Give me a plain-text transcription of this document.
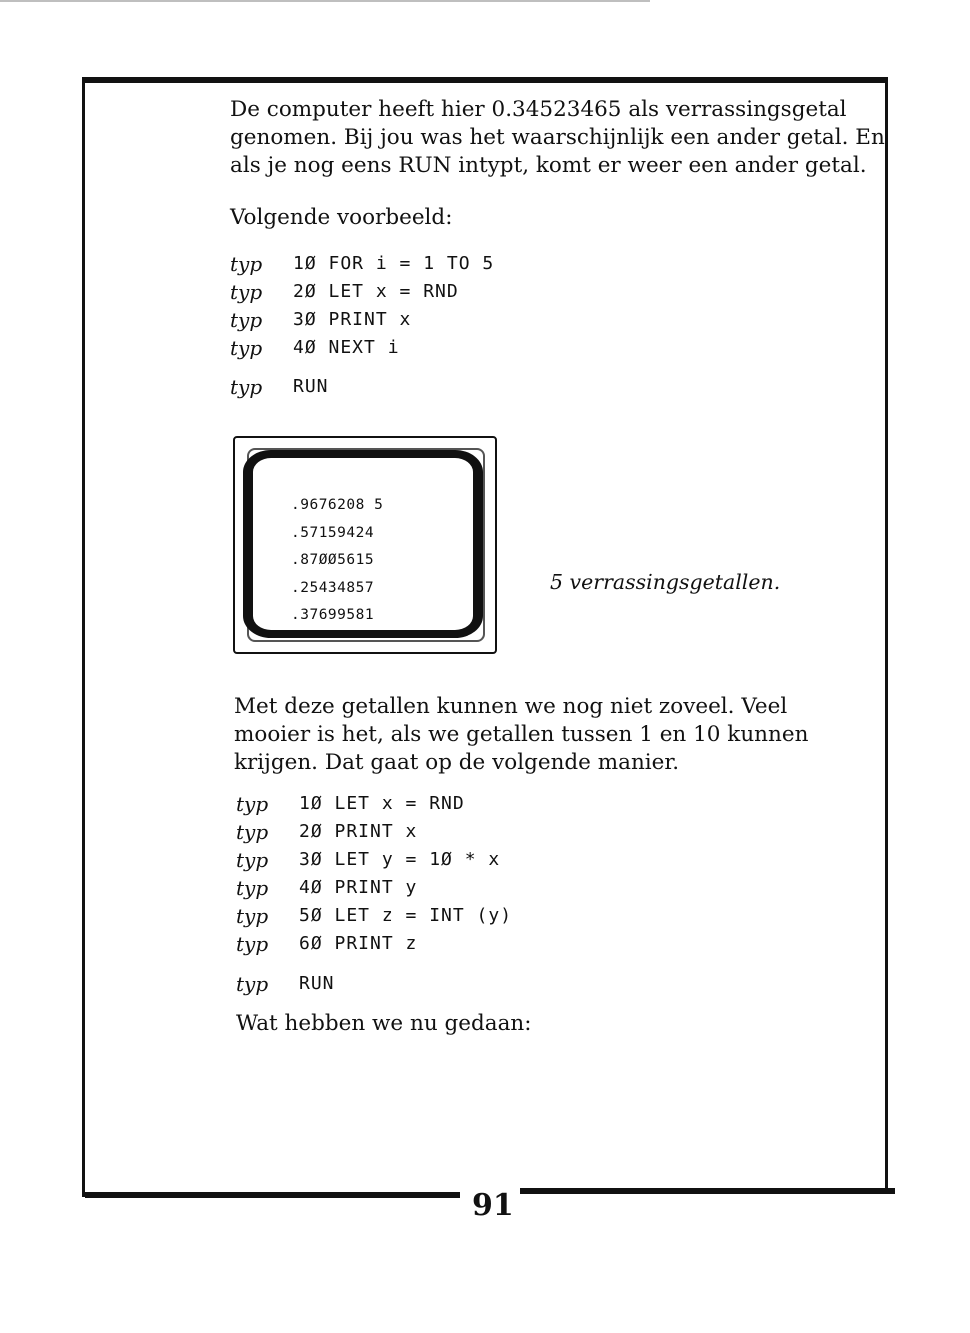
De computer heeft hier 0.34523465 als verrassingsgetal genomen. Bij jou was het waarschijnlijk een ander getal. En als je nog eens RUN intypt, komt er weer een ander getal.
Volgende voorbeeld:
typ	1Ø FOR i = 1 TO 5
typ	2Ø LET x = RND
typ	3Ø PRINT x
typ	4Ø NEXT i
typ	RUN
.9676208 5
.57159424
.87ØØ5615
.25434857
.37699581
5 verrassingsgetallen.
Met deze getallen kunnen we nog niet zoveel. Veel mooier is het, als we getallen tussen 1 en 10 kunnen krijgen. Dat gaat op de volgende manier.
typ	1Ø LET x = RND
typ	2Ø PRINT x
typ	3Ø LET y = 1Ø * x
typ	4Ø PRINT y
typ	5Ø LET z = INT (y)
typ	6Ø PRINT z
typ	RUN
Wat hebben we nu gedaan:
91
